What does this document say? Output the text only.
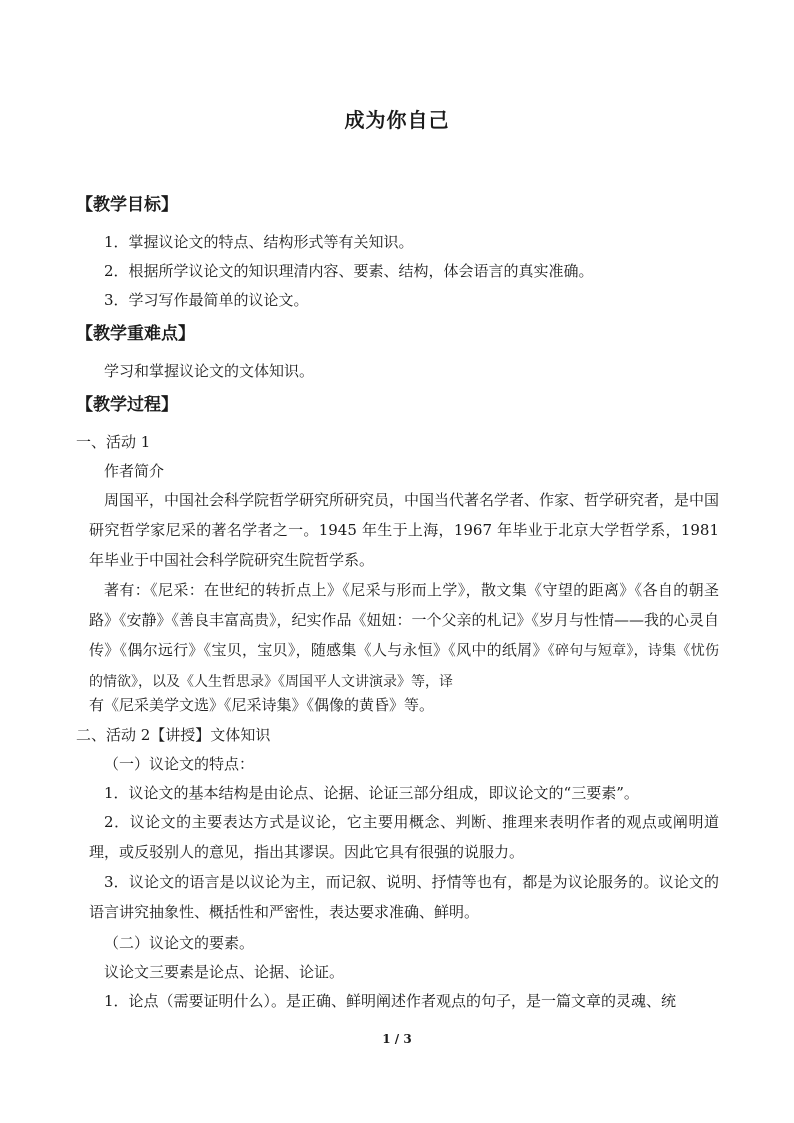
成为你自己
【教学目标】
1．掌握议论文的特点、结构形式等有关知识。
2．根据所学议论文的知识理清内容、要素、结构，体会语言的真实准确。
3．学习写作最简单的议论文。
【教学重难点】
学习和掌握议论文的文体知识。
【教学过程】
一、活动 1
作者简介
周国平，中国社会科学院哲学研究所研究员，中国当代著名学者、作家、哲学研究者，是中国研究哲学家尼采的著名学者之一。1945 年生于上海，1967 年毕业于北京大学哲学系，1981 年毕业于中国社会科学院研究生院哲学系。
著有：《尼采：在世纪的转折点上》《尼采与形而上学》，散文集《守望的距离》《各自的朝圣路》《安静》《善良丰富高贵》，纪实作品《妞妞：一个父亲的札记》《岁月与性情——我的心灵自传》《偶尔远行》《宝贝，宝贝》，随感集《人与永恒》《风中的纸屑》《碎句与短章》，诗集《忧伤的情欲》，以及《人生哲思录》《周国平人文讲演录》等，译
有《尼采美学文选》《尼采诗集》《偶像的黄昏》等。
二、活动 2【讲授】文体知识
（一）议论文的特点：
1．议论文的基本结构是由论点、论据、论证三部分组成，即议论文的“三要素”。
2．议论文的主要表达方式是议论，它主要用概念、判断、推理来表明作者的观点或阐明道理，或反驳别人的意见，指出其谬误。因此它具有很强的说服力。
3．议论文的语言是以议论为主，而记叙、说明、抒情等也有，都是为议论服务的。议论文的语言讲究抽象性、概括性和严密性，表达要求准确、鲜明。
（二）议论文的要素。
议论文三要素是论点、论据、论证。
1．论点（需要证明什么）。是正确、鲜明阐述作者观点的句子，是一篇文章的灵魂、统
1 / 3
